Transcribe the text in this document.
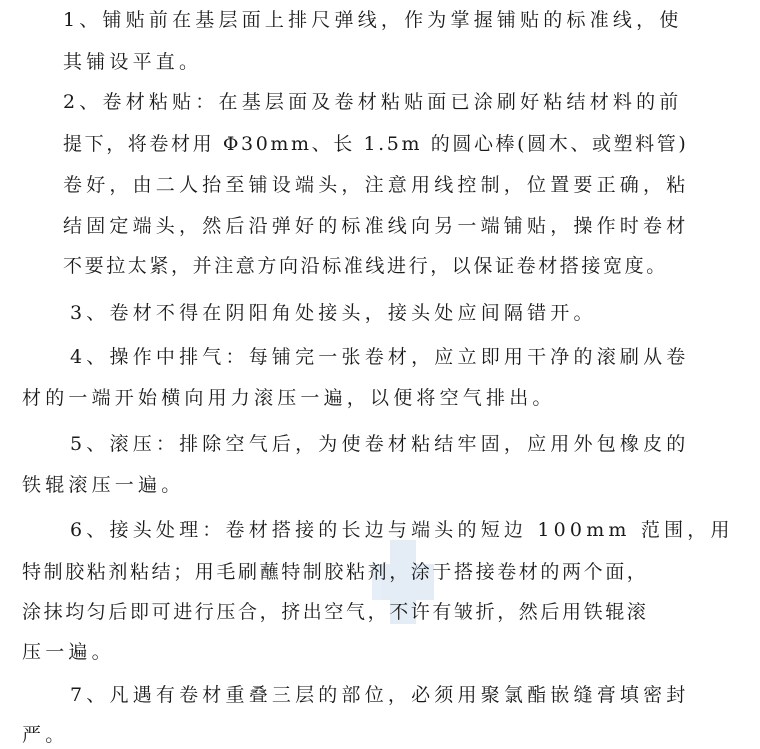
1、铺贴前在基层面上排尺弹线，作为掌握铺贴的标准线，使
其铺设平直。
2、卷材粘贴：在基层面及卷材粘贴面已涂刷好粘结材料的前
提下，将卷材用 Φ30mm、长 1.5m 的圆心棒(圆木、或塑料管)
卷好，由二人抬至铺设端头，注意用线控制，位置要正确，粘
结固定端头，然后沿弹好的标准线向另一端铺贴，操作时卷材
不要拉太紧，并注意方向沿标准线进行，以保证卷材搭接宽度。
3、卷材不得在阴阳角处接头，接头处应间隔错开。
4、操作中排气：每铺完一张卷材，应立即用干净的滚刷从卷
材的一端开始横向用力滚压一遍，以便将空气排出。
5、滚压：排除空气后，为使卷材粘结牢固，应用外包橡皮的
铁辊滚压一遍。
6、接头处理：卷材搭接的长边与端头的短边 100mm 范围，用
特制胶粘剂粘结；用毛刷蘸特制胶粘剂，涂于搭接卷材的两个面，
涂抹均匀后即可进行压合，挤出空气，不许有皱折，然后用铁辊滚
压一遍。
7、凡遇有卷材重叠三层的部位，必须用聚氯酯嵌缝膏填密封
严。
